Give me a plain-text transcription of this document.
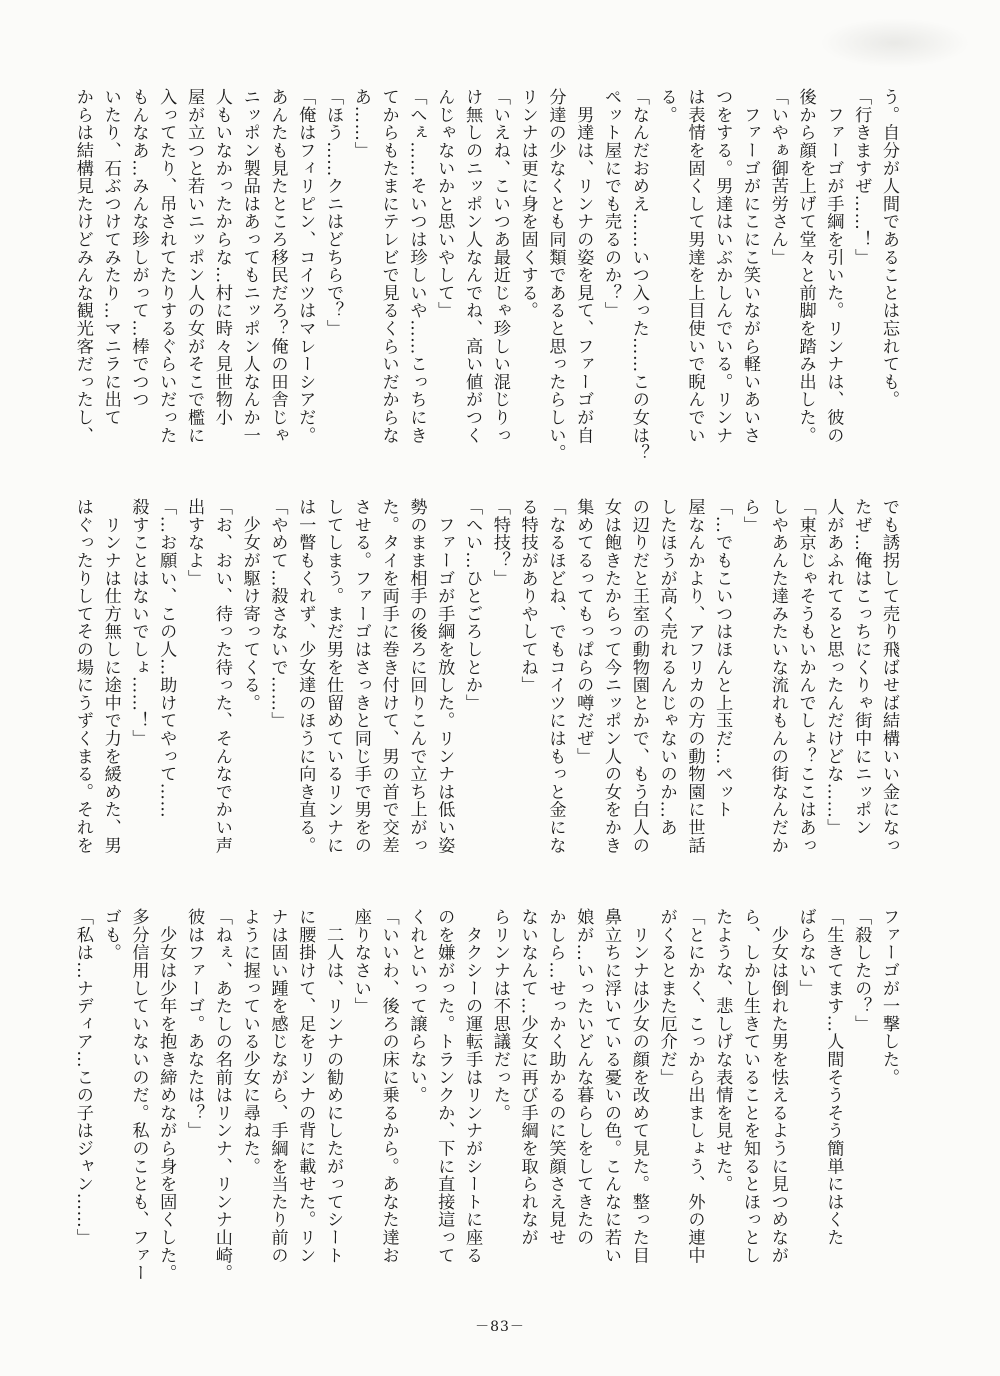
う。自分が人間であることは忘れても。

「行きますぜ……！」

　ファーゴが手綱を引いた。リンナは、彼の

後から顔を上げて堂々と前脚を踏み出した。

「いやぁ御苦労さん」

　ファーゴがにこにこ笑いながら軽いあいさ

つをする。男達はいぶかしんでいる。リンナ

は表情を固くして男達を上目使いで睨んでい

る。

「なんだおめえ……いつ入った……この女は？

ペット屋にでも売るのか？」

　男達は、リンナの姿を見て、ファーゴが自

分達の少なくとも同類であると思ったらしい。

リンナは更に身を固くする。

「いえね、こいつあ最近じゃ珍しい混じりっ

け無しのニッポン人なんでね、高い値がつく

んじゃないかと思いやして」

「へぇ……そいつは珍しいや……こっちにき

てからもたまにテレビで見るくらいだからな

あ……」

「ほう……クニはどちらで？」

「俺はフィリピン、コイツはマレーシアだ。

あんたも見たところ移民だろ？俺の田舎じゃ

ニッポン製品はあってもニッポン人なんか一

人もいなかったからな…村に時々見世物小

屋が立つと若いニッポン人の女がそこで檻に

入ってたり、吊されてたりするぐらいだった

もんなあ…みんな珍しがって…棒でつつ

いたり、石ぶつけてみたり…マニラに出て

からは結構見たけどみんな観光客だったし、

でも誘拐して売り飛ばせば結構いい金になっ

たぜ…俺はこっちにくりゃ街中にニッポン

人があふれてると思ったんだけどな……」

「東京じゃそうもいかんでしょ？ここはあっ

しやあんた達みたいな流れもんの街なんだか

ら」

「…でもこいつはほんと上玉だ…ペット

屋なんかより、アフリカの方の動物園に世話

したほうが高く売れるんじゃないのか…あ

の辺りだと王室の動物園とかで、もう白人の

女は飽きたからって今ニッポン人の女をかき

集めてるってもっぱらの噂だぜ」

「なるほどね、でもコイツにはもっと金にな

る特技がありやしてね」

「特技？」

「へい…ひとごろしとか」

　ファーゴが手綱を放した。リンナは低い姿

勢のまま相手の後ろに回りこんで立ち上がっ

た。タイを両手に巻き付けて、男の首で交差

させる。ファーゴはさっきと同じ手で男をの

してしまう。まだ男を仕留めているリンナに

は一瞥もくれず、少女達のほうに向き直る。

「やめて…殺さないで……」

　少女が駆け寄ってくる。

「お、おい、待った待った、そんなでかい声

出すなよ」

「…お願い、この人…助けてやって……

殺すことはないでしょ……！」

　リンナは仕方無しに途中で力を緩めた、男

はぐったりしてその場にうずくまる。それを

ファーゴが一撃した。

「殺したの？」

「生きてます…人間そうそう簡単にはくた

ばらない」

　少女は倒れた男を怯えるように見つめなが

ら、しかし生きていることを知るとほっとし

たような、悲しげな表情を見せた。

「とにかく、こっから出ましょう、外の連中

がくるとまた厄介だ」

　リンナは少女の顔を改めて見た。整った目

鼻立ちに浮いている憂いの色。こんなに若い

娘が…いったいどんな暮らしをしてきたの

かしら…せっかく助かるのに笑顔さえ見せ

ないなんて…少女に再び手綱を取られなが

らリンナは不思議だった。

　タクシーの運転手はリンナがシートに座る

のを嫌がった。トランクか、下に直接這って

くれといって譲らない。

「いいわ、後ろの床に乗るから。あなた達お

座りなさい」

　二人は、リンナの勧めにしたがってシート

に腰掛けて、足をリンナの背に載せた。リン

ナは固い踵を感じながら、手綱を当たり前の

ように握っている少女に尋ねた。

「ねぇ、あたしの名前はリンナ、リンナ山崎。

彼はファーゴ。あなたは？」

　少女は少年を抱き締めながら身を固くした。

多分信用していないのだ。私のことも、ファー

ゴも。

「私は…ナディア…この子はジャン……」

－83－
